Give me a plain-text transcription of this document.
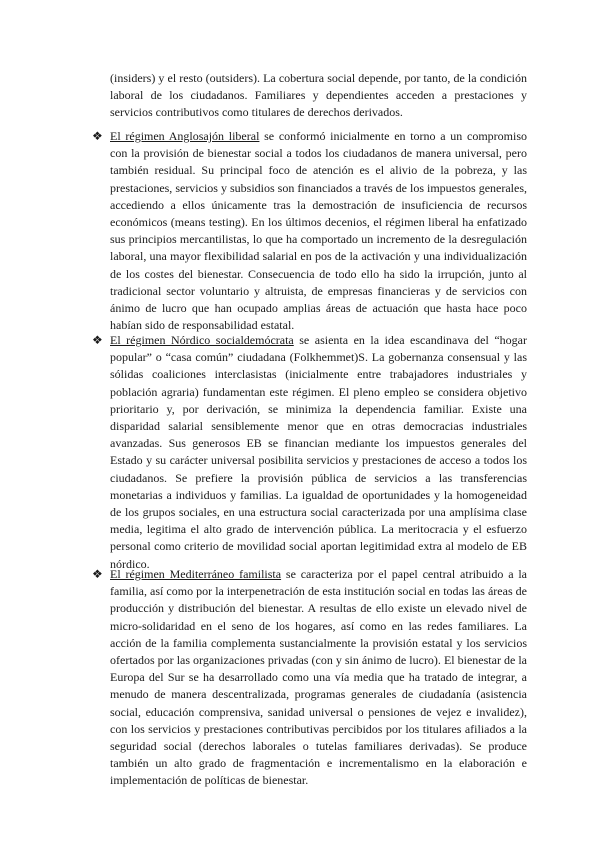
(insiders) y el resto (outsiders). La cobertura social depende, por tanto, de la condición laboral de los ciudadanos. Familiares y dependientes acceden a prestaciones y servicios contributivos como titulares de derechos derivados.

❖ El régimen Anglosajón liberal se conformó inicialmente en torno a un compromiso con la provisión de bienestar social a todos los ciudadanos de manera universal, pero también residual. Su principal foco de atención es el alivio de la pobreza, y las prestaciones, servicios y subsidios son financiados a través de los impuestos generales, accediendo a ellos únicamente tras la demostración de insuficiencia de recursos económicos (means testing). En los últimos decenios, el régimen liberal ha enfatizado sus principios mercantilistas, lo que ha comportado un incremento de la desregulación laboral, una mayor flexibilidad salarial en pos de la activación y una individualización de los costes del bienestar. Consecuencia de todo ello ha sido la irrupción, junto al tradicional sector voluntario y altruista, de empresas financieras y de servicios con ánimo de lucro que han ocupado amplias áreas de actuación que hasta hace poco habían sido de responsabilidad estatal.

❖ El régimen Nórdico socialdemócrata se asienta en la idea escandinava del “hogar popular” o “casa común” ciudadana (Folkhemmet)S. La gobernanza consensual y las sólidas coaliciones interclasistas (inicialmente entre trabajadores industriales y población agraria) fundamentan este régimen. El pleno empleo se considera objetivo prioritario y, por derivación, se minimiza la dependencia familiar. Existe una disparidad salarial sensiblemente menor que en otras democracias industriales avanzadas. Sus generosos EB se financian mediante los impuestos generales del Estado y su carácter universal posibilita servicios y prestaciones de acceso a todos los ciudadanos. Se prefiere la provisión pública de servicios a las transferencias monetarias a individuos y familias. La igualdad de oportunidades y la homogeneidad de los grupos sociales, en una estructura social caracterizada por una amplísima clase media, legitima el alto grado de intervención pública. La meritocracia y el esfuerzo personal como criterio de movilidad social aportan legitimidad extra al modelo de EB nórdico.

❖ El régimen Mediterráneo familista se caracteriza por el papel central atribuido a la familia, así como por la interpenetración de esta institución social en todas las áreas de producción y distribución del bienestar. A resultas de ello existe un elevado nivel de micro-solidaridad en el seno de los hogares, así como en las redes familiares. La acción de la familia complementa sustancialmente la provisión estatal y los servicios ofertados por las organizaciones privadas (con y sin ánimo de lucro). El bienestar de la Europa del Sur se ha desarrollado como una vía media que ha tratado de integrar, a menudo de manera descentralizada, programas generales de ciudadanía (asistencia social, educación comprensiva, sanidad universal o pensiones de vejez e invalidez), con los servicios y prestaciones contributivas percibidos por los titulares afiliados a la seguridad social (derechos laborales o tutelas familiares derivadas). Se produce también un alto grado de fragmentación e incrementalismo en la elaboración e implementación de políticas de bienestar.
